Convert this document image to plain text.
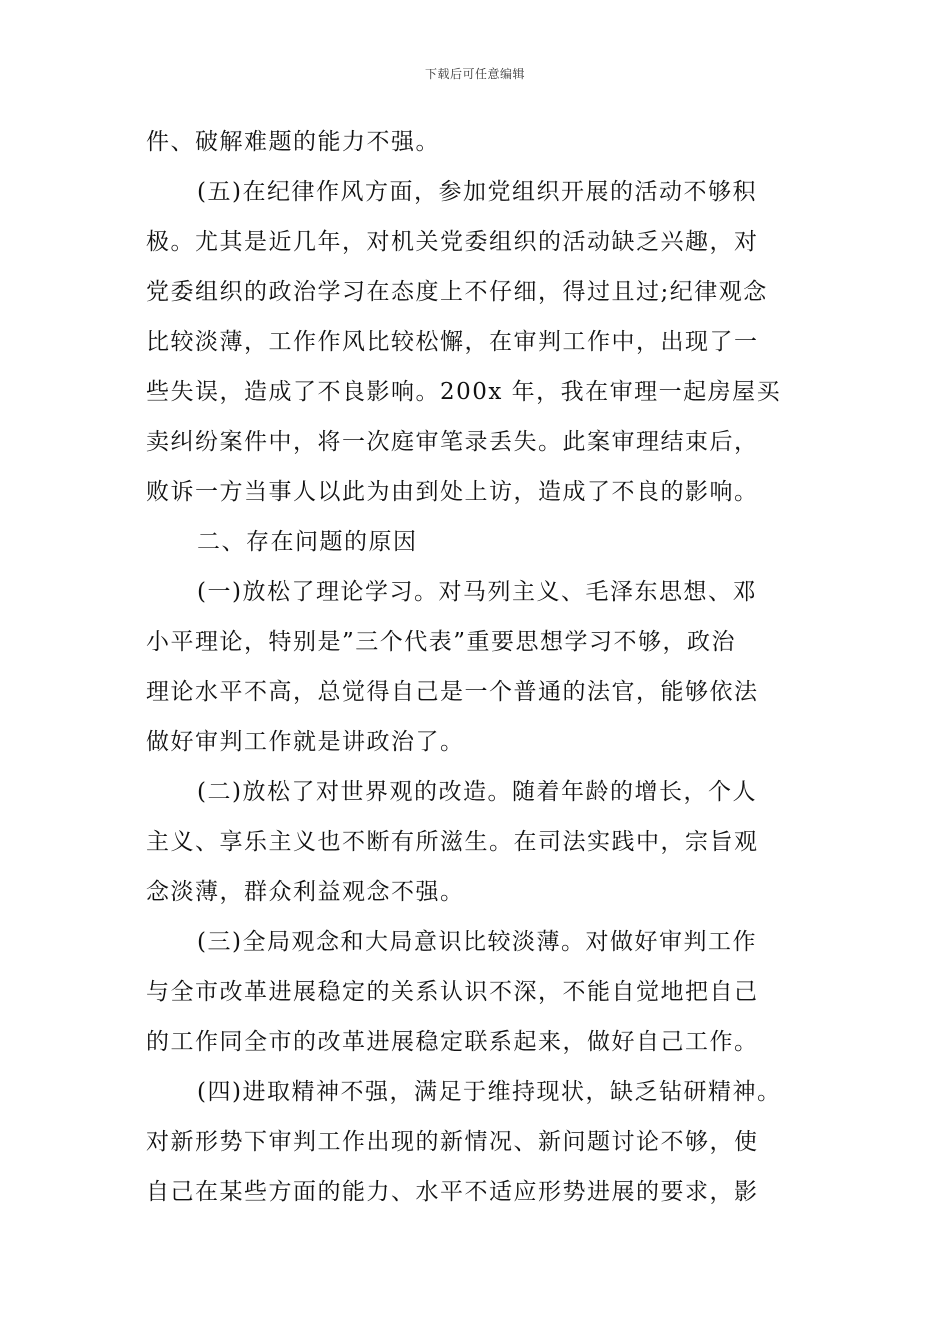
下载后可任意编辑
件、破解难题的能力不强。
(五)在纪律作风方面，参加党组织开展的活动不够积
极。尤其是近几年，对机关党委组织的活动缺乏兴趣，对
党委组织的政治学习在态度上不仔细，得过且过;纪律观念
比较淡薄，工作作风比较松懈，在审判工作中，出现了一
些失误，造成了不良影响。200x 年，我在审理一起房屋买
卖纠纷案件中，将一次庭审笔录丢失。此案审理结束后，
败诉一方当事人以此为由到处上访，造成了不良的影响。
二、存在问题的原因
(一)放松了理论学习。对马列主义、毛泽东思想、邓
小平理论，特别是”三个代表”重要思想学习不够，政治
理论水平不高，总觉得自己是一个普通的法官，能够依法
做好审判工作就是讲政治了。
(二)放松了对世界观的改造。随着年龄的增长，个人
主义、享乐主义也不断有所滋生。在司法实践中，宗旨观
念淡薄，群众利益观念不强。
(三)全局观念和大局意识比较淡薄。对做好审判工作
与全市改革进展稳定的关系认识不深，不能自觉地把自己
的工作同全市的改革进展稳定联系起来，做好自己工作。
(四)进取精神不强，满足于维持现状，缺乏钻研精神。
对新形势下审判工作出现的新情况、新问题讨论不够，使
自己在某些方面的能力、水平不适应形势进展的要求，影
